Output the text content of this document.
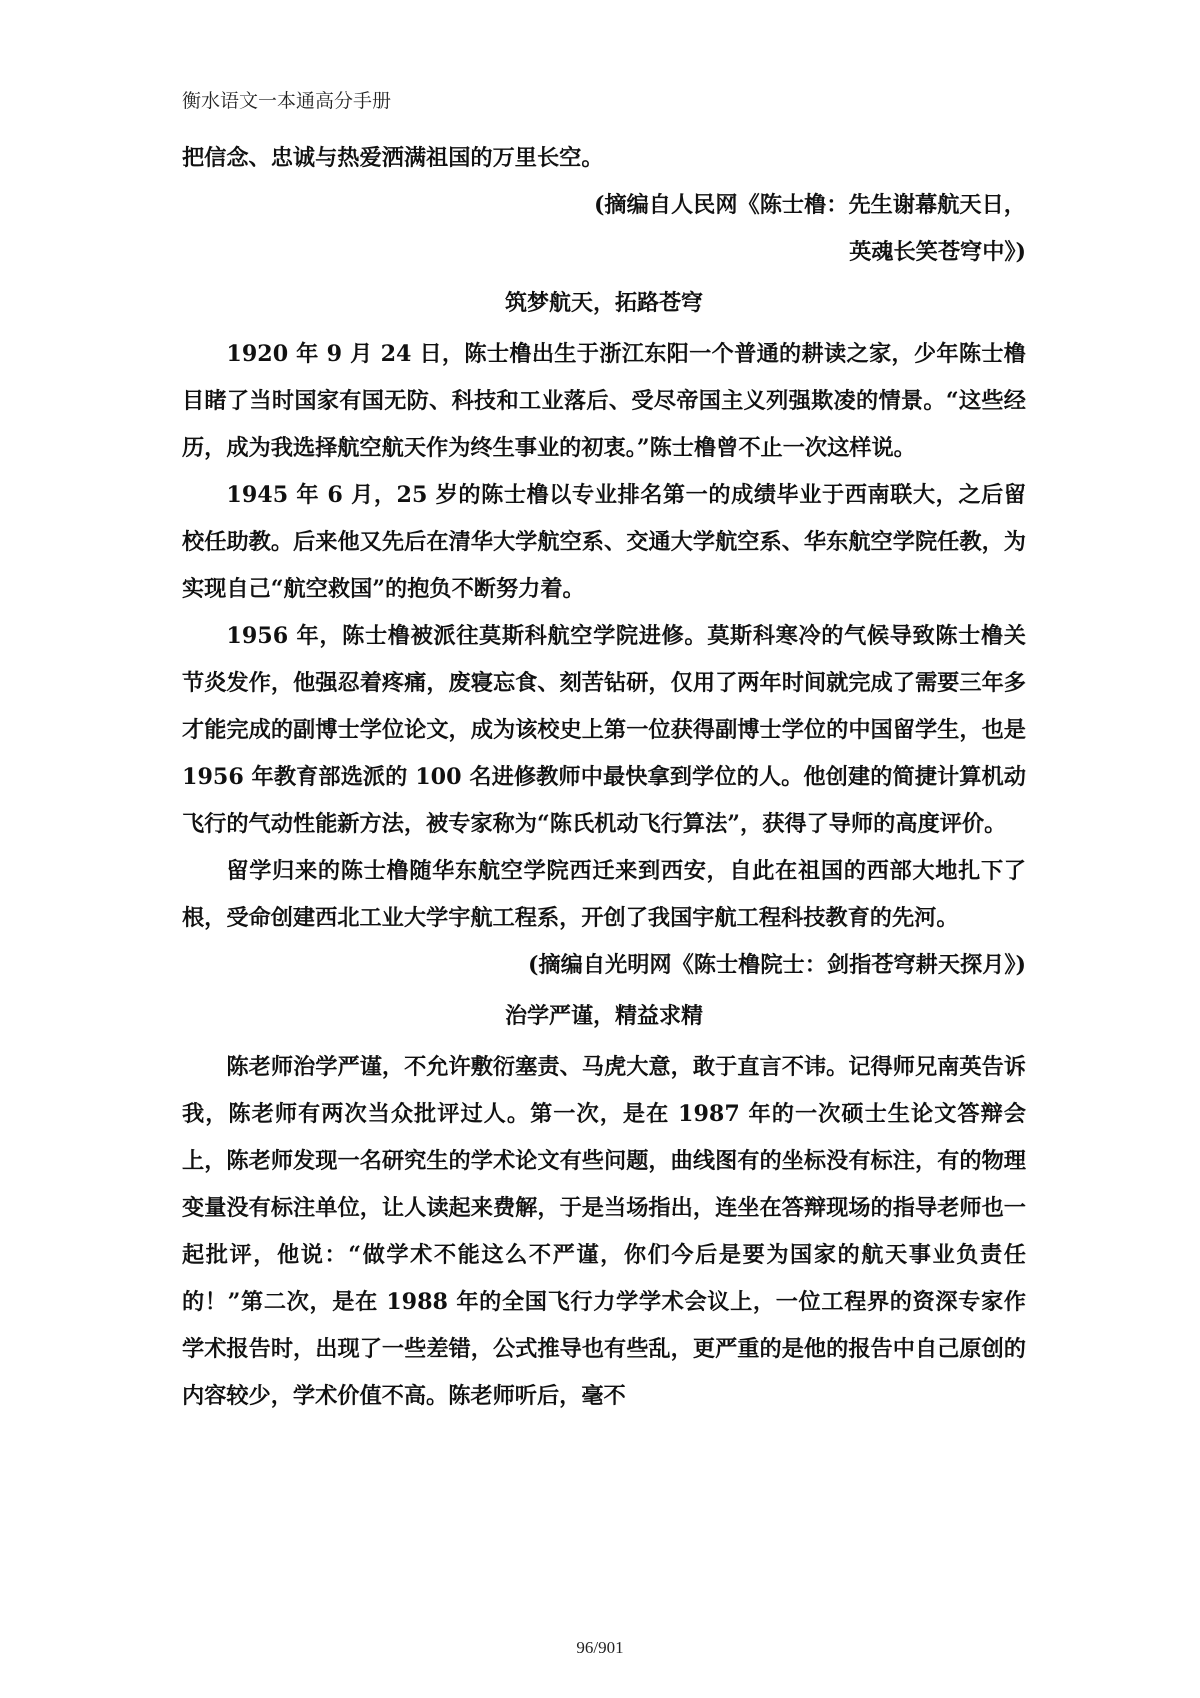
衡水语文一本通高分手册

把信念、忠诚与热爱洒满祖国的万里长空。

(摘编自人民网《陈士橹：先生谢幕航天日，

英魂长笑苍穹中》)

筑梦航天，拓路苍穹

1920 年 9 月 24 日，陈士橹出生于浙江东阳一个普通的耕读之家，少年陈士橹目睹了当时国家有国无防、科技和工业落后、受尽帝国主义列强欺凌的情景。“这些经历，成为我选择航空航天作为终生事业的初衷。”陈士橹曾不止一次这样说。

1945 年 6 月，25 岁的陈士橹以专业排名第一的成绩毕业于西南联大，之后留校任助教。后来他又先后在清华大学航空系、交通大学航空系、华东航空学院任教，为实现自己“航空救国”的抱负不断努力着。

1956 年，陈士橹被派往莫斯科航空学院进修。莫斯科寒冷的气候导致陈士橹关节炎发作，他强忍着疼痛，废寝忘食、刻苦钻研，仅用了两年时间就完成了需要三年多才能完成的副博士学位论文，成为该校史上第一位获得副博士学位的中国留学生，也是 1956 年教育部选派的 100 名进修教师中最快拿到学位的人。他创建的简捷计算机动飞行的气动性能新方法，被专家称为“陈氏机动飞行算法”，获得了导师的高度评价。

留学归来的陈士橹随华东航空学院西迁来到西安，自此在祖国的西部大地扎下了根，受命创建西北工业大学宇航工程系，开创了我国宇航工程科技教育的先河。

(摘编自光明网《陈士橹院士：剑指苍穹耕天探月》)

治学严谨，精益求精

陈老师治学严谨，不允许敷衍塞责、马虎大意，敢于直言不讳。记得师兄南英告诉我，陈老师有两次当众批评过人。第一次，是在 1987 年的一次硕士生论文答辩会上，陈老师发现一名研究生的学术论文有些问题，曲线图有的坐标没有标注，有的物理变量没有标注单位，让人读起来费解，于是当场指出，连坐在答辩现场的指导老师也一起批评，他说：“做学术不能这么不严谨，你们今后是要为国家的航天事业负责任的！”第二次，是在 1988 年的全国飞行力学学术会议上，一位工程界的资深专家作学术报告时，出现了一些差错，公式推导也有些乱，更严重的是他的报告中自己原创的内容较少，学术价值不高。陈老师听后，毫不

96/901
